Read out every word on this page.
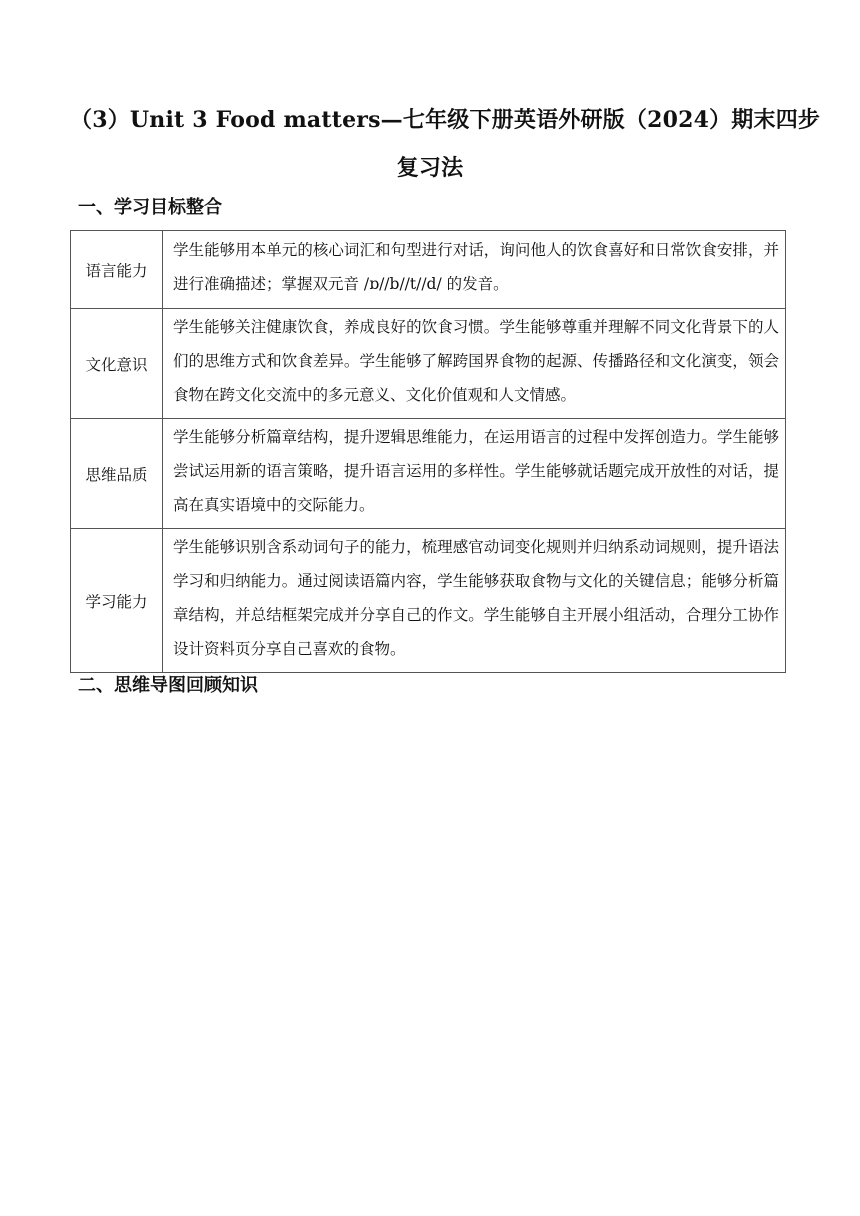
（3）Unit 3 Food matters—七年级下册英语外研版（2024）期末四步
复习法
一、学习目标整合
语言能力	学生能够用本单元的核心词汇和句型进行对话，询问他人的饮食喜好和日常饮食安排，并进行准确描述；掌握双元音 /ɒ//b//t//d/ 的发音。
文化意识	学生能够关注健康饮食，养成良好的饮食习惯。学生能够尊重并理解不同文化背景下的人们的思维方式和饮食差异。学生能够了解跨国界食物的起源、传播路径和文化演变，领会食物在跨文化交流中的多元意义、文化价值观和人文情感。
思维品质	学生能够分析篇章结构，提升逻辑思维能力，在运用语言的过程中发挥创造力。学生能够尝试运用新的语言策略，提升语言运用的多样性。学生能够就话题完成开放性的对话，提高在真实语境中的交际能力。
学习能力	学生能够识别含系动词句子的能力，梳理感官动词变化规则并归纳系动词规则，提升语法学习和归纳能力。通过阅读语篇内容，学生能够获取食物与文化的关键信息；能够分析篇章结构，并总结框架完成并分享自己的作文。学生能够自主开展小组活动，合理分工协作设计资料页分享自己喜欢的食物。
二、思维导图回顾知识
